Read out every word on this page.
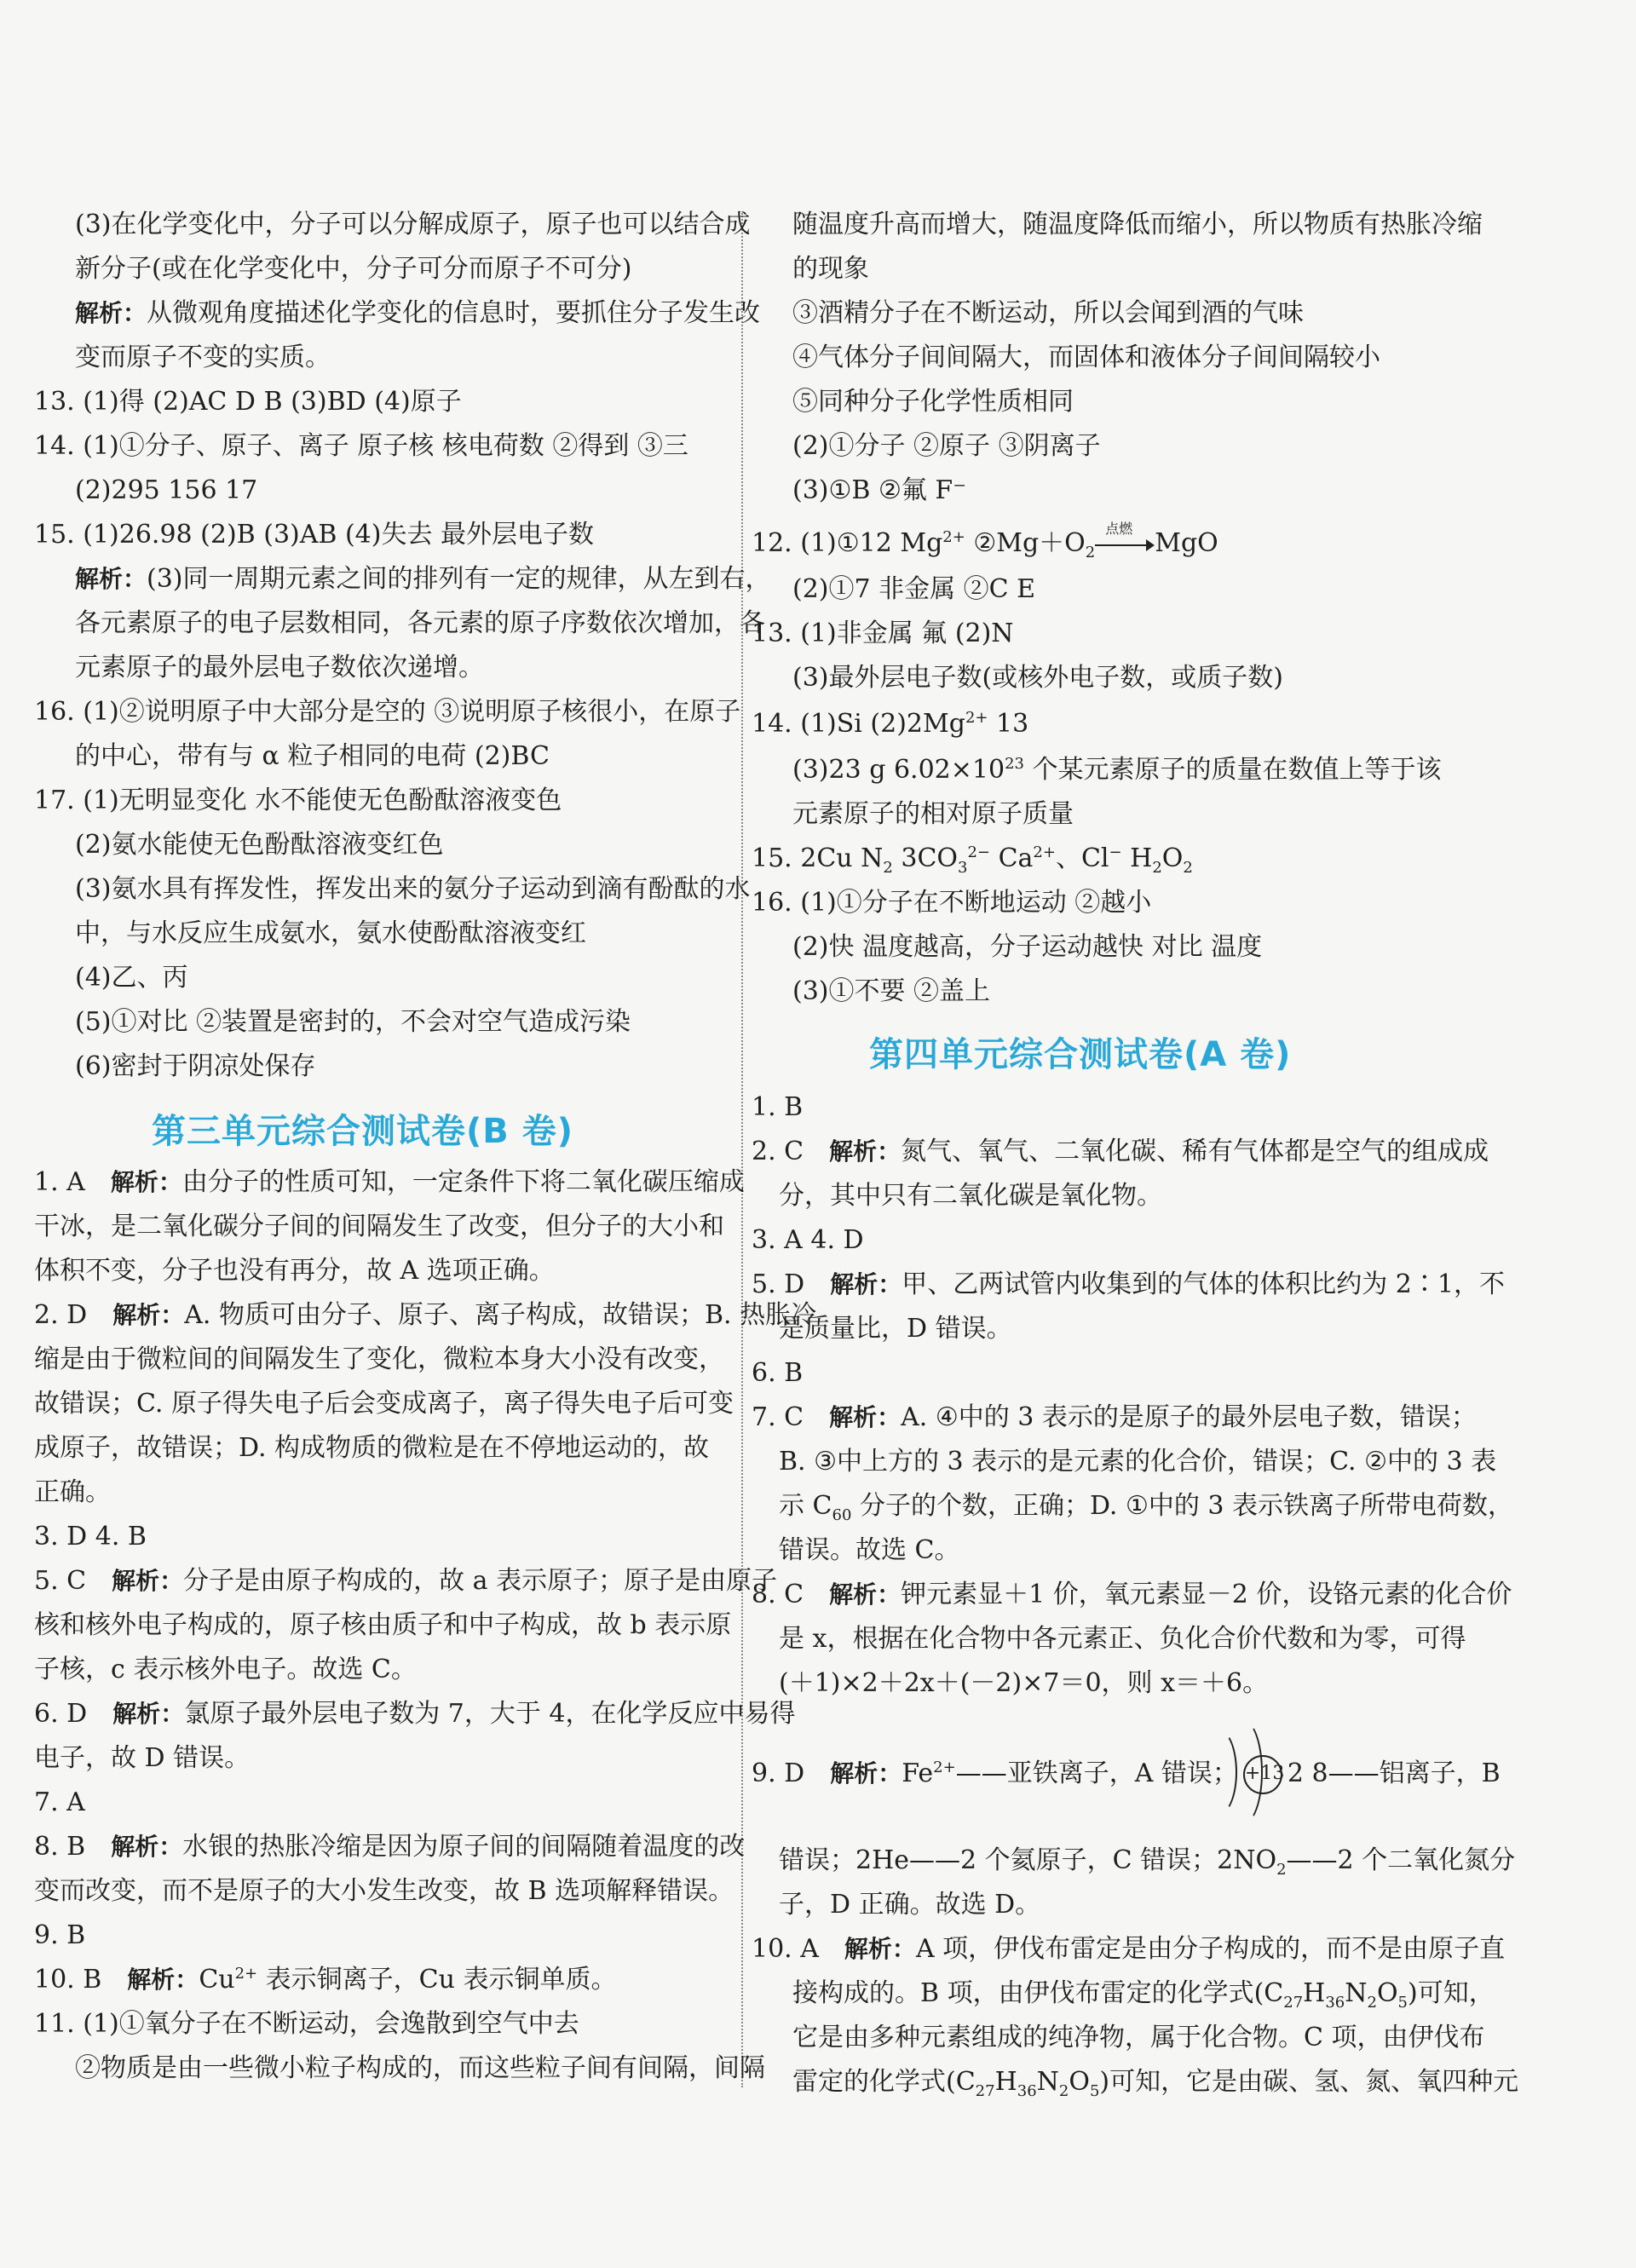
(3)在化学变化中，分子可以分解成原子，原子也可以结合成
新分子(或在化学变化中，分子可分而原子不可分)
解析：从微观角度描述化学变化的信息时，要抓住分子发生改
变而原子不变的实质。
13. (1)得 (2)AC D B (3)BD (4)原子
14. (1)①分子、原子、离子 原子核 核电荷数 ②得到 ③三
(2)295 156 17
15. (1)26.98 (2)B (3)AB (4)失去 最外层电子数
解析：(3)同一周期元素之间的排列有一定的规律，从左到右，
各元素原子的电子层数相同，各元素的原子序数依次增加，各
元素原子的最外层电子数依次递增。
16. (1)②说明原子中大部分是空的 ③说明原子核很小，在原子
的中心，带有与 α 粒子相同的电荷 (2)BC
17. (1)无明显变化 水不能使无色酚酞溶液变色
(2)氨水能使无色酚酞溶液变红色
(3)氨水具有挥发性，挥发出来的氨分子运动到滴有酚酞的水
中，与水反应生成氨水，氨水使酚酞溶液变红
(4)乙、丙
(5)①对比 ②装置是密封的，不会对空气造成污染
(6)密封于阴凉处保存
第三单元综合测试卷(B 卷)
1. A　 解析：由分子的性质可知，一定条件下将二氧化碳压缩成
干冰，是二氧化碳分子间的间隔发生了改变，但分子的大小和
体积不变，分子也没有再分，故 A 选项正确。
2. D　 解析：A. 物质可由分子、原子、离子构成，故错误；B. 热胀冷
缩是由于微粒间的间隔发生了变化，微粒本身大小没有改变，
故错误；C. 原子得失电子后会变成离子，离子得失电子后可变
成原子，故错误；D. 构成物质的微粒是在不停地运动的，故
正确。
3. D 4. B
5. C　 解析：分子是由原子构成的，故 a 表示原子；原子是由原子
核和核外电子构成的，原子核由质子和中子构成，故 b 表示原
子核，c 表示核外电子。故选 C。
6. D　 解析：氯原子最外层电子数为 7，大于 4，在化学反应中易得
电子，故 D 错误。
7. A
8. B　 解析：水银的热胀冷缩是因为原子间的间隔随着温度的改
变而改变，而不是原子的大小发生改变，故 B 选项解释错误。
9. B
10. B　 解析：$Cu^{2+}$ 表示铜离子，Cu 表示铜单质。
11. (1)①氧分子在不断运动，会逸散到空气中去
②物质是由一些微小粒子构成的，而这些粒子间有间隔，间隔
随温度升高而增大，随温度降低而缩小，所以物质有热胀冷缩
的现象
③酒精分子在不断运动，所以会闻到酒的气味
④气体分子间间隔大，而固体和液体分子间间隔较小
⑤同种分子化学性质相同
(2)①分子 ②原子 ③阴离子
(3)①B ②氟 F⁻
12. (1)①12 $Mg^{2+}$ $②Mg+O_2$
点燃 MgO
(2)①7 非金属 ②C E
13. (1)非金属 氟 (2)N
(3)最外层电子数(或核外电子数，或质子数)
14. (1)Si $(2)2Mg^{2+}$ 13
(3)23 g $6.02\times 10^{23}$ 个某元素原子的质量在数值上等于该
元素原子的相对原子质量
15. 2Cu $N_2$ $3CO_3^{2-}$ $Ca^{2+}$、Cl− $H_2O_2$
16. (1)①分子在不断地运动 ②越小
(2)快 温度越高，分子运动越快 对比 温度
(3)①不要 ②盖上
第四单元综合测试卷(A 卷)
1. B
2. C　 解析：氮气、氧气、二氧化碳、稀有气体都是空气的组成成
分，其中只有二氧化碳是氧化物。
3. A 4. D
5. D　 解析：甲、乙两试管内收集到的气体的体积比约为 2∶1，不
是质量比，D 错误。
6. B
7. C　 解析：A. ④中的 3 表示的是原子的最外层电子数，错误；
B. ③中上方的 3 表示的是元素的化合价，错误；C. ②中的 3 表
示 $C_{60}$ 分子的个数，正确；D. ①中的 3 表示铁离子所带电荷数，
错误。故选 C。
8. C　 解析：钾元素显＋1 价，氧元素显－2 价，设铬元素的化合价
是 x，根据在化合物中各元素正、负化合价代数和为零，可得
(＋1)×2＋2x＋(－2)×7＝0，则 x＝＋6。
9. D　 解析：$Fe^{2+}——$亚铁离子，A 错误； +13 2 8——铝离子，B
错误；2He——2 个氦原子，C 错误；$2NO_2——2$ 个二氧化氮分
子，D 正确。故选 D。
10. A　 解析：A 项，伊伐布雷定是由分子构成的，而不是由原子直
接构成的。B 项，由伊伐布雷定的化学式$(C_{27}H_{36}N_2O_5)$可知，
它是由多种元素组成的纯净物，属于化合物。C 项，由伊伐布
雷定的化学式$(C_{27}H_{36}N_2O_5)$可知，它是由碳、氢、氮、氧四种元
